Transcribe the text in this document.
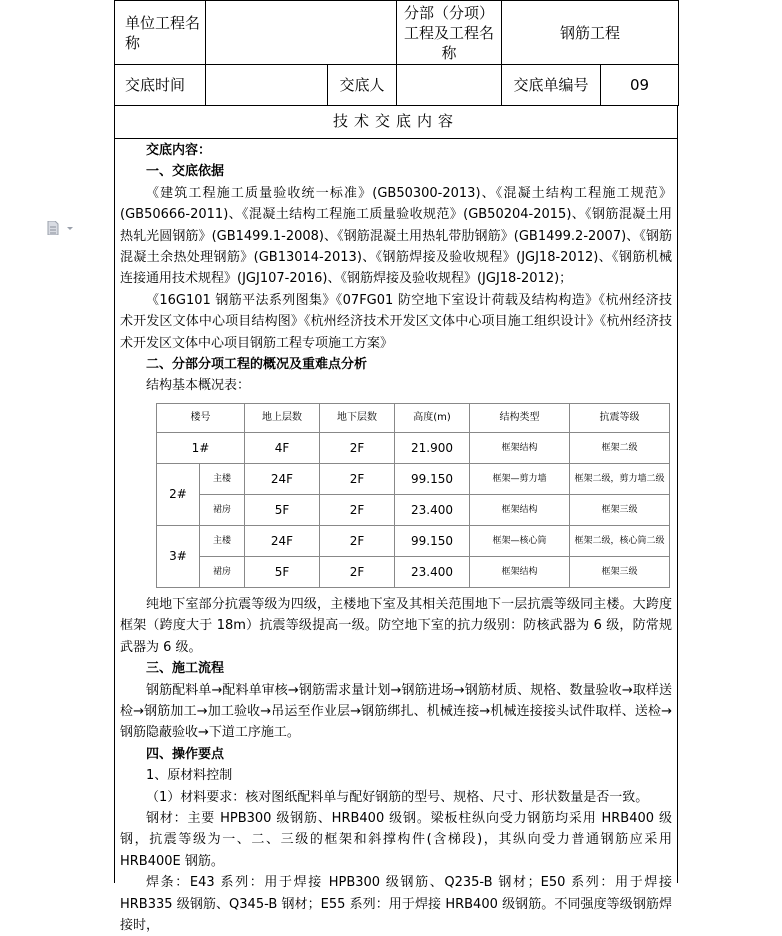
单位工程名称			分部（分项）工程及工程名称	钢筋工程	
交底时间		交底人		交底单编号	09
技术交底内容

交底内容：

一、交底依据

《建筑工程施工质量验收统一标准》(GB50300-2013)、《混凝土结构工程施工规范》(GB50666-2011)、《混凝土结构工程施工质量验收规范》(GB50204-2015)、《钢筋混凝土用热轧光圆钢筋》(GB1499.1-2008)、《钢筋混凝土用热轧带肋钢筋》(GB1499.2-2007)、《钢筋混凝土余热处理钢筋》(GB13014-2013)、《钢筋焊接及验收规程》(JGJ18-2012)、《钢筋机械连接通用技术规程》(JGJ107-2016)、《钢筋焊接及验收规程》(JGJ18-2012)；

《16G101 钢筋平法系列图集》《07FG01 防空地下室设计荷载及结构构造》《杭州经济技术开发区文体中心项目结构图》《杭州经济技术开发区文体中心项目施工组织设计》《杭州经济技术开发区文体中心项目钢筋工程专项施工方案》

二、分部分项工程的概况及重难点分析

结构基本概况表：

楼号		地上层数	地下层数	高度(m)	结构类型	抗震等级
1#		4F	2F	21.900	框架结构	框架二级
2#	主楼	24F	2F	99.150	框架—剪力墙	框架二级，剪力墙二级
	裙房	5F	2F	23.400	框架结构	框架三级
3#	主楼	24F	2F	99.150	框架—核心筒	框架二级，核心筒二级
	裙房	5F	2F	23.400	框架结构	框架三级

纯地下室部分抗震等级为四级，主楼地下室及其相关范围地下一层抗震等级同主楼。大跨度框架（跨度大于 18m）抗震等级提高一级。防空地下室的抗力级别：防核武器为 6 级，防常规武器为 6 级。

三、施工流程

钢筋配料单→配料单审核→钢筋需求量计划→钢筋进场→钢筋材质、规格、数量验收→取样送检→钢筋加工→加工验收→吊运至作业层→钢筋绑扎、机械连接→机械连接接头试件取样、送检→钢筋隐蔽验收→下道工序施工。

四、操作要点

1、原材料控制

（1）材料要求：核对图纸配料单与配好钢筋的型号、规格、尺寸、形状数量是否一致。

钢材：主要 HPB300 级钢筋、HRB400 级钢。梁板柱纵向受力钢筋均采用 HRB400 级钢，抗震等级为一、二、三级的框架和斜撑构件(含梯段)，其纵向受力普通钢筋应采用 HRB400E 钢筋。

焊条：E43 系列：用于焊接 HPB300 级钢筋、Q235-B 钢材；E50 系列：用于焊接 HRB335 级钢筋、Q345-B 钢材；E55 系列：用于焊接 HRB400 级钢筋。不同强度等级钢筋焊接时，
